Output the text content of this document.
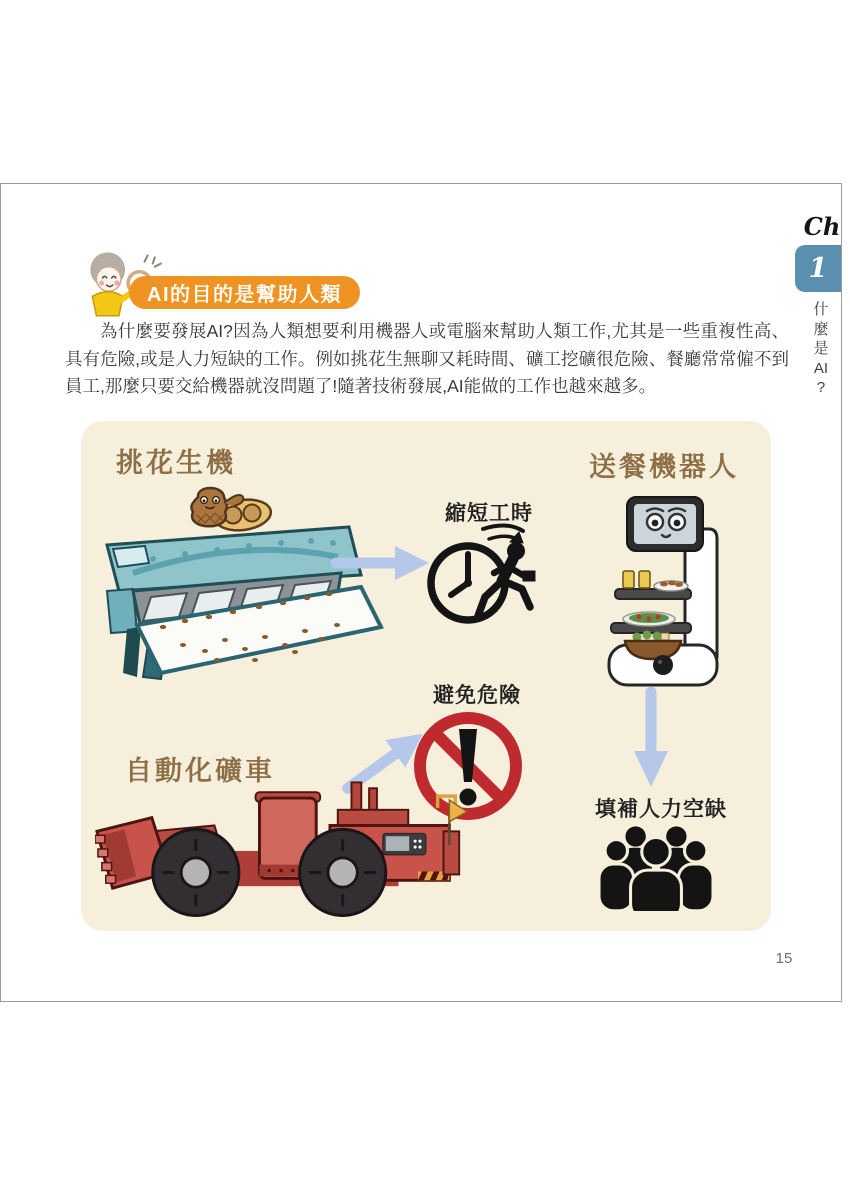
Ch
1
什
麼
是
AI
?
AI的目的是幫助人類

為什麼要發展AI?因為人類想要利用機器人或電腦來幫助人類工作,尤其是一些重複性高、具有危險,或是人力短缺的工作。例如挑花生無聊又耗時間、礦工挖礦很危險、餐廳常常僱不到員工,那麼只要交給機器就沒問題了!隨著技術發展,AI能做的工作也越來越多。

挑花生機	送餐機器人
縮短工時
避免危險
自動化礦車
填補人力空缺
15
